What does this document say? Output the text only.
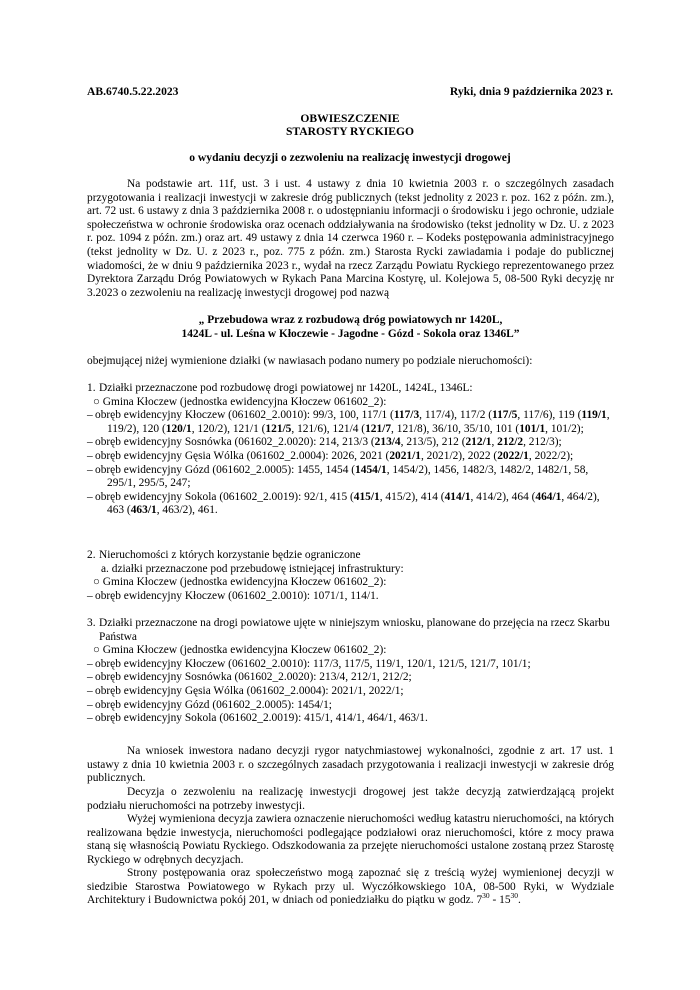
AB.6740.5.22.2023	Ryki, dnia 9 października 2023 r.
OBWIESZCZENIE
STAROSTY RYCKIEGO
o wydaniu decyzji o zezwoleniu na realizację inwestycji drogowej
Na podstawie art. 11f, ust. 3 i ust. 4 ustawy z dnia 10 kwietnia 2003 r. o szczególnych zasadach przygotowania i realizacji inwestycji w zakresie dróg publicznych (tekst jednolity z 2023 r. poz. 162 z późn. zm.), art. 72 ust. 6 ustawy z dnia 3 października 2008 r. o udostępnianiu informacji o środowisku i jego ochronie, udziale społeczeństwa w ochronie środowiska oraz ocenach oddziaływania na środowisko (tekst jednolity w Dz. U. z 2023 r. poz. 1094 z późn. zm.) oraz art. 49 ustawy z dnia 14 czerwca 1960 r. – Kodeks postępowania administracyjnego (tekst jednolity w Dz. U. z 2023 r., poz. 775 z późn. zm.) Starosta Rycki zawiadamia i podaje do publicznej wiadomości, że w dniu 9 października 2023 r., wydał na rzecz Zarządu Powiatu Ryckiego reprezentowanego przez Dyrektora Zarządu Dróg Powiatowych w Rykach Pana Marcina Kostyrę, ul. Kolejowa 5, 08-500 Ryki decyzję nr 3.2023 o zezwoleniu na realizację inwestycji drogowej pod nazwą
„ Przebudowa wraz z rozbudową dróg powiatowych nr 1420L,
1424L - ul. Leśna w Kłoczewie - Jagodne - Gózd - Sokola oraz 1346L”
obejmującej niżej wymienione działki (w nawiasach podano numery po podziale nieruchomości):
1. Działki przeznaczone pod rozbudowę drogi powiatowej nr 1420L, 1424L, 1346L:
○ Gmina Kłoczew (jednostka ewidencyjna Kłoczew 061602_2):
– obręb ewidencyjny Kłoczew (061602_2.0010): 99/3, 100, 117/1 (117/3, 117/4), 117/2 (117/5, 117/6), 119 (119/1, 119/2), 120 (120/1, 120/2), 121/1 (121/5, 121/6), 121/4 (121/7, 121/8), 36/10, 35/10, 101 (101/1, 101/2);
– obręb ewidencyjny Sosnówka (061602_2.0020): 214, 213/3 (213/4, 213/5), 212 (212/1, 212/2, 212/3);
– obręb ewidencyjny Gęsia Wólka (061602_2.0004): 2026, 2021 (2021/1, 2021/2), 2022 (2022/1, 2022/2);
– obręb ewidencyjny Gózd (061602_2.0005): 1455, 1454 (1454/1, 1454/2), 1456, 1482/3, 1482/2, 1482/1, 58, 295/1, 295/5, 247;
– obręb ewidencyjny Sokola (061602_2.0019): 92/1, 415 (415/1, 415/2), 414 (414/1, 414/2), 464 (464/1, 464/2), 463 (463/1, 463/2), 461.
2. Nieruchomości z których korzystanie będzie ograniczone
a. działki przeznaczone pod przebudowę istniejącej infrastruktury:
○ Gmina Kłoczew (jednostka ewidencyjna Kłoczew 061602_2):
– obręb ewidencyjny Kłoczew (061602_2.0010): 1071/1, 114/1.
3. Działki przeznaczone na drogi powiatowe ujęte w niniejszym wniosku, planowane do przejęcia na rzecz Skarbu Państwa
○ Gmina Kłoczew (jednostka ewidencyjna Kłoczew 061602_2):
– obręb ewidencyjny Kłoczew (061602_2.0010): 117/3, 117/5, 119/1, 120/1, 121/5, 121/7, 101/1;
– obręb ewidencyjny Sosnówka (061602_2.0020): 213/4, 212/1, 212/2;
– obręb ewidencyjny Gęsia Wólka (061602_2.0004): 2021/1, 2022/1;
– obręb ewidencyjny Gózd (061602_2.0005): 1454/1;
– obręb ewidencyjny Sokola (061602_2.0019): 415/1, 414/1, 464/1, 463/1.
Na wniosek inwestora nadano decyzji rygor natychmiastowej wykonalności, zgodnie z art. 17 ust. 1 ustawy z dnia 10 kwietnia 2003 r. o szczególnych zasadach przygotowania i realizacji inwestycji w zakresie dróg publicznych.
Decyzja o zezwoleniu na realizację inwestycji drogowej jest także decyzją zatwierdzającą projekt podziału nieruchomości na potrzeby inwestycji.
Wyżej wymieniona decyzja zawiera oznaczenie nieruchomości według katastru nieruchomości, na których realizowana będzie inwestycja, nieruchomości podlegające podziałowi oraz nieruchomości, które z mocy prawa staną się własnością Powiatu Ryckiego. Odszkodowania za przejęte nieruchomości ustalone zostaną przez Starostę Ryckiego w odrębnych decyzjach.
Strony postępowania oraz społeczeństwo mogą zapoznać się z treścią wyżej wymienionej decyzji w siedzibie Starostwa Powiatowego w Rykach przy ul. Wyczółkowskiego 10A, 08-500 Ryki, w Wydziale Architektury i Budownictwa pokój 201, w dniach od poniedziałku do piątku w godz. $7^{30} - 15^{30}$.
